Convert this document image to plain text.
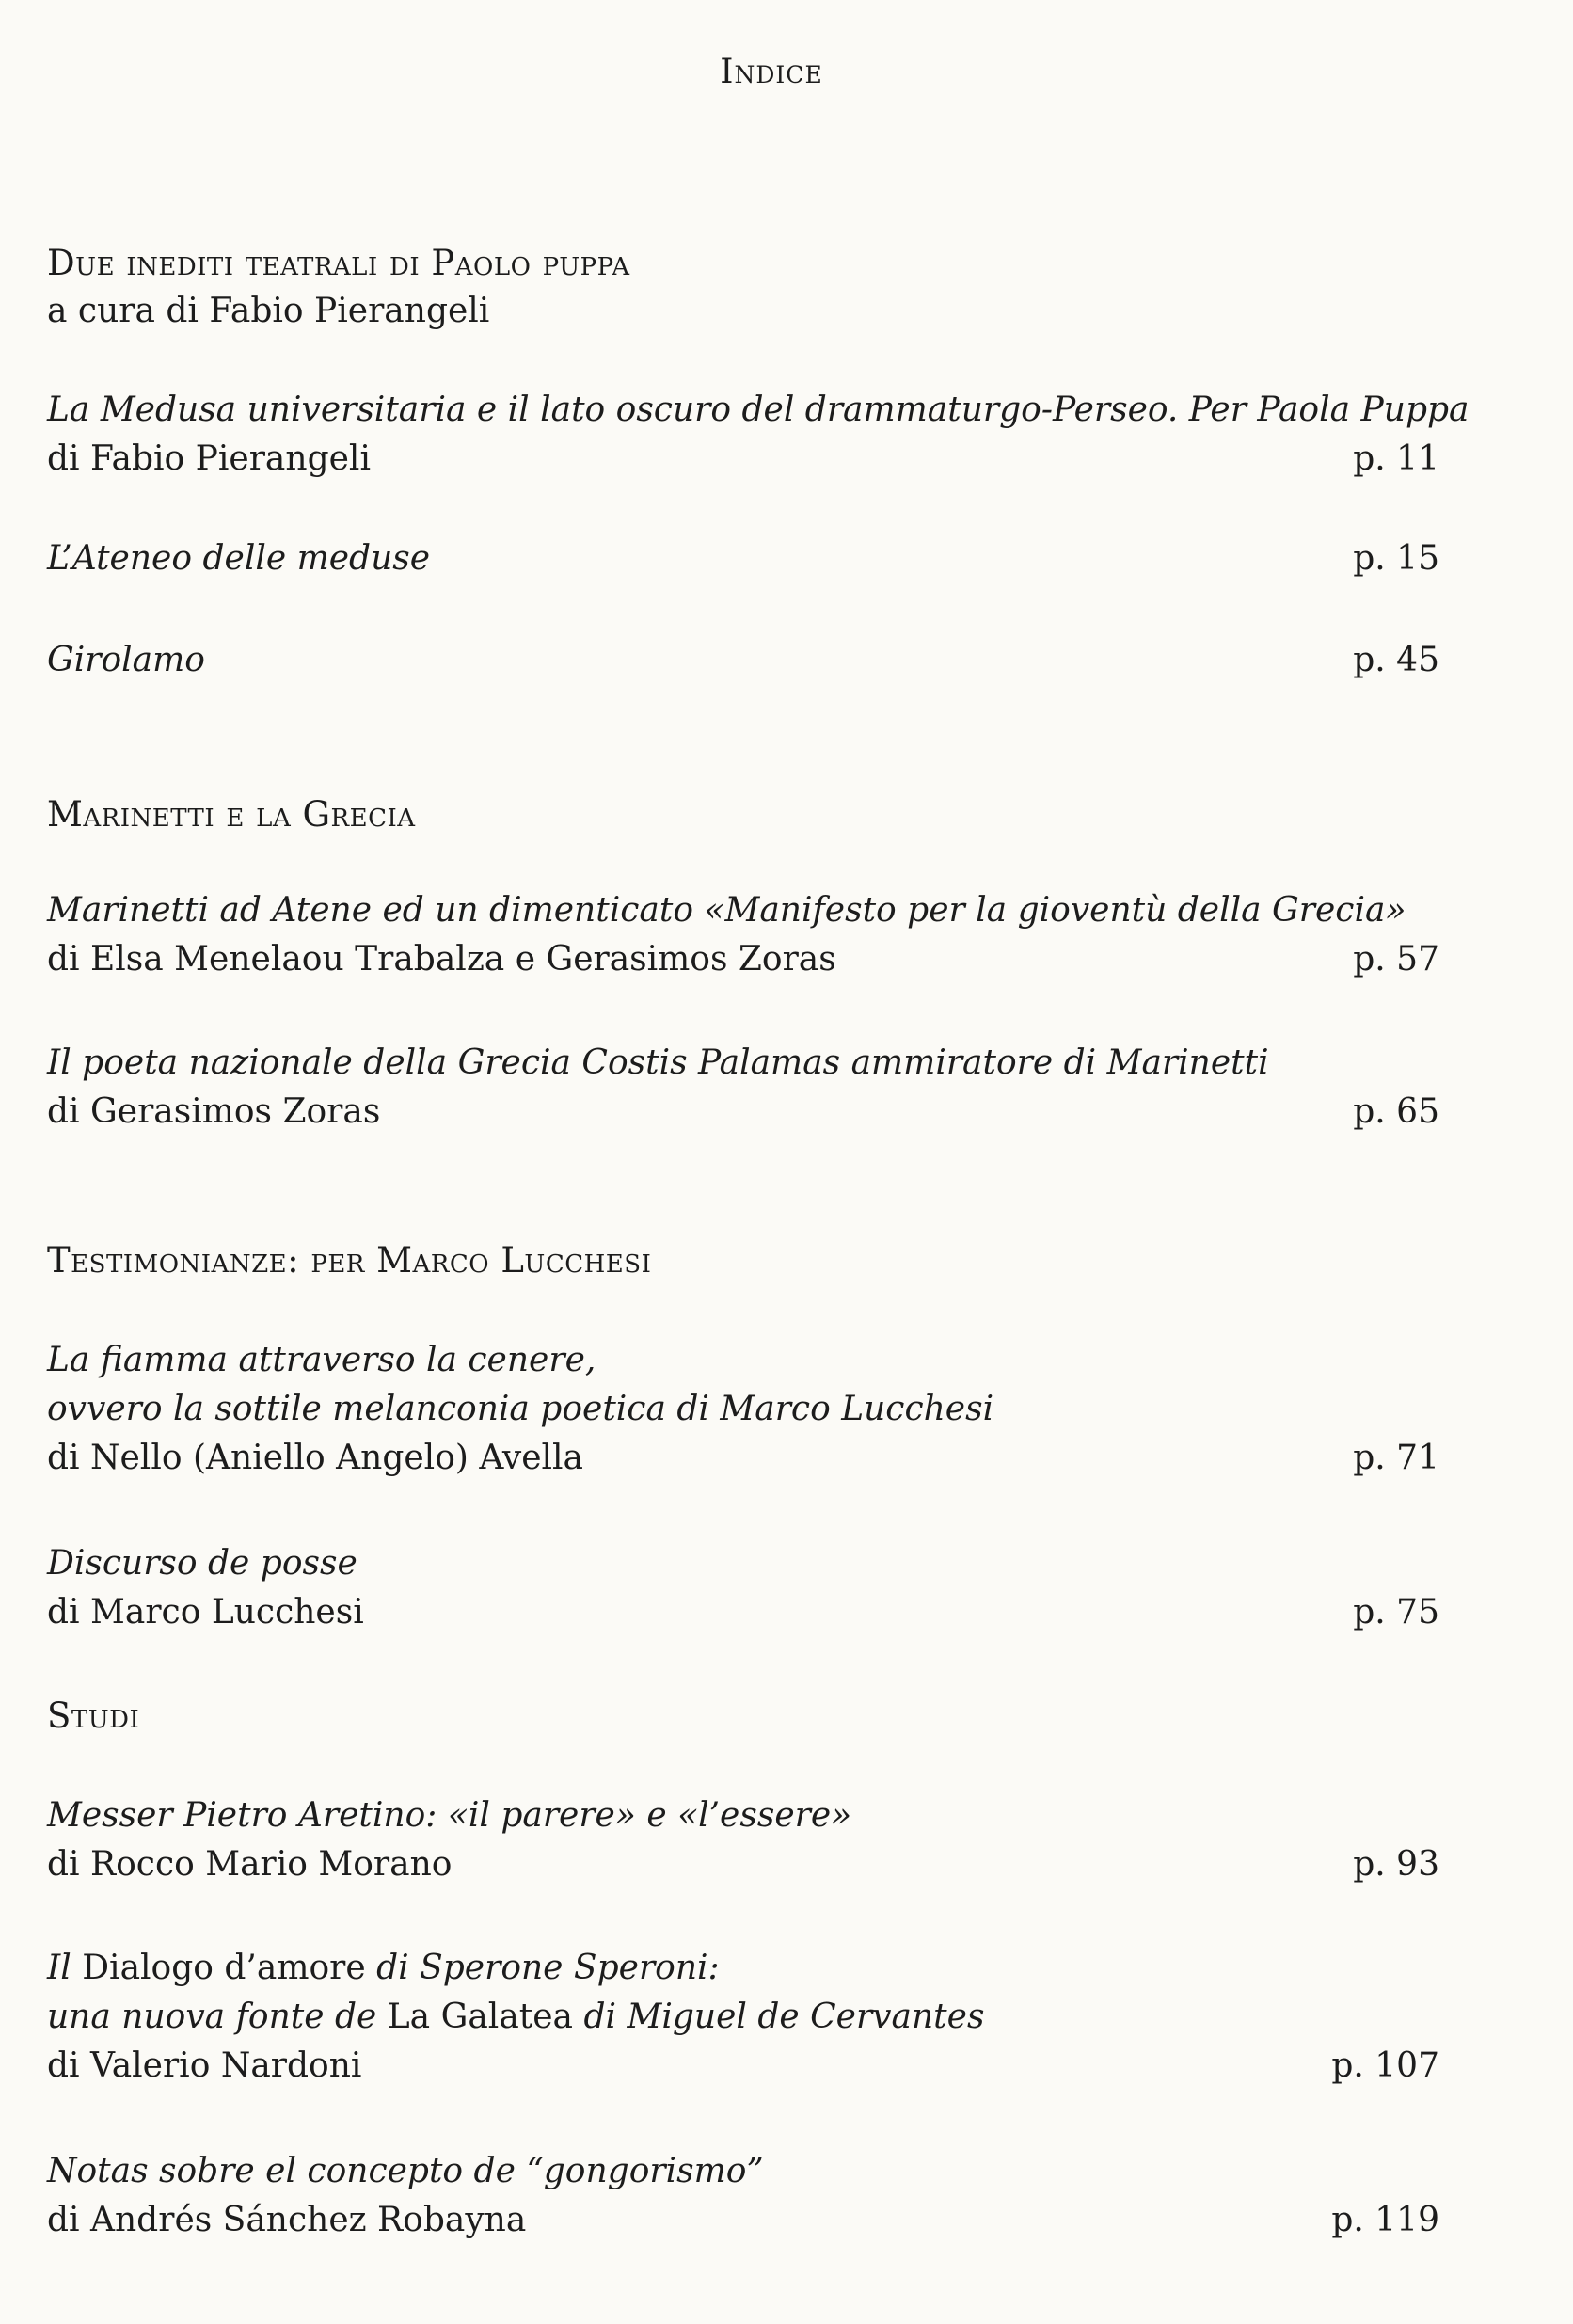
Indice
Due inediti teatrali di Paolo puppa
a cura di Fabio Pierangeli
La Medusa universitaria e il lato oscuro del drammaturgo-Perseo. Per Paola Puppa
di Fabio Pierangeli	p. 11
L’Ateneo delle meduse	p. 15
Girolamo	p. 45
Marinetti e la Grecia
Marinetti ad Atene ed un dimenticato «Manifesto per la gioventù della Grecia»
di Elsa Menelaou Trabalza e Gerasimos Zoras	p. 57
Il poeta nazionale della Grecia Costis Palamas ammiratore di Marinetti
di Gerasimos Zoras	p. 65
Testimonianze: per Marco Lucchesi
La fiamma attraverso la cenere,
ovvero la sottile melanconia poetica di Marco Lucchesi
di Nello (Aniello Angelo) Avella	p. 71
Discurso de posse
di Marco Lucchesi	p. 75
Studi
Messer Pietro Aretino: «il parere» e «l’essere»
di Rocco Mario Morano	p. 93
Il Dialogo d’amore di Sperone Speroni:
una nuova fonte de La Galatea di Miguel de Cervantes
di Valerio Nardoni	p. 107
Notas sobre el concepto de “gongorismo”
di Andrés Sánchez Robayna	p. 119
